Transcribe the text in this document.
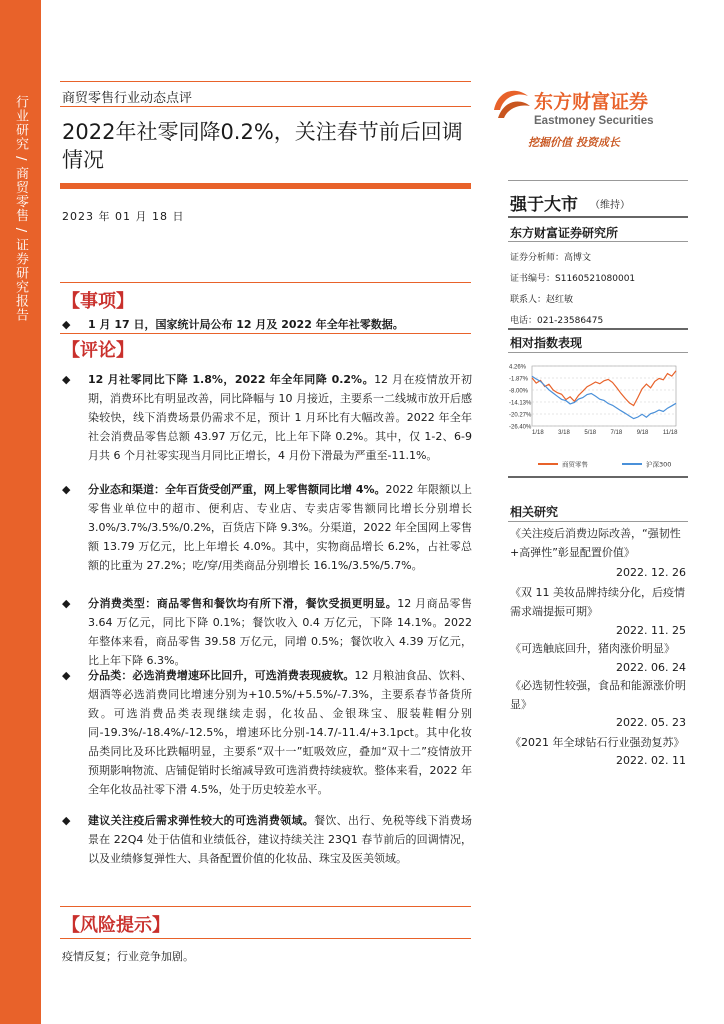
行业研究 / 商贸零售 / 证券研究报告	东方财富证券
Eastmoney Securities
挖掘价值 投资成长
商贸零售行业动态点评
2022年社零同降0.2%，关注春节前后回调情况
2023 年 01 月 18 日
【事项】
◆ 1 月 17 日，国家统计局公布 12 月及 2022 年全年社零数据。
【评论】
◆ 12 月社零同比下降 1.8%，2022 年全年同降 0.2%。12 月在疫情放开初期，消费环比有明显改善，同比降幅与 10 月接近，主要系一二线城市放开后感染较快，线下消费场景仍需求不足，预计 1 月环比有大幅改善。2022 年全年社会消费品零售总额 43.97 万亿元，比上年下降 0.2%。其中，仅 1-2、6-9 月共 6 个月社零实现当月同比正增长，4 月份下滑最为严重至-11.1%。
◆ 分业态和渠道：全年百货受创严重，网上零售额同比增 4%。2022 年限额以上零售业单位中的超市、便利店、专业店、专卖店零售额同比增长分别增长 3.0%/3.7%/3.5%/0.2%，百货店下降 9.3%。分渠道，2022 年全国网上零售额 13.79 万亿元，比上年增长 4.0%。其中，实物商品增长 6.2%，占社零总额的比重为 27.2%；吃/穿/用类商品分别增长 16.1%/3.5%/5.7%。
◆ 分消费类型：商品零售和餐饮均有所下滑，餐饮受损更明显。12 月商品零售 3.64 万亿元，同比下降 0.1%；餐饮收入 0.4 万亿元，下降 14.1%。2022 年整体来看，商品零售 39.58 万亿元，同增 0.5%；餐饮收入 4.39 万亿元，比上年下降 6.3%。
◆ 分品类：必选消费增速环比回升，可选消费表现疲软。12 月粮油食品、饮料、烟酒等必选消费同比增速分别为+10.5%/+5.5%/-7.3%，主要系春节备货所致。可选消费品类表现继续走弱，化妆品、金银珠宝、服装鞋帽分别同-19.3%/-18.4%/-12.5%，增速环比分别-14.7/-11.4/+3.1pct。其中化妆品类同比及环比跌幅明显，主要系“双十一”虹吸效应，叠加“双十二”疫情放开预期影响物流、店铺促销时长缩减导致可选消费持续疲软。整体来看，2022 年全年化妆品社零下滑 4.5%，处于历史较差水平。
◆ 建议关注疫后需求弹性较大的可选消费领域。餐饮、出行、免税等线下消费场景在 22Q4 处于估值和业绩低谷，建议持续关注 23Q1 春节前后的回调情况，以及业绩修复弹性大、具备配置价值的化妆品、珠宝及医美领域。
【风险提示】
疫情反复；行业竞争加剧。
强于大市 （维持）
东方财富证券研究所
证券分析师：高博文
证书编号：S1160521080001
联系人：赵红敏
电话：021-23586475
相对指数表现
4.26%
-1.87%
-8.00%
-14.13%
-20.27%
-26.40%
1/18 3/18 5/18 7/18 9/18 11/18
商贸零售	沪深300
相关研究
《关注疫后消费边际改善，“强韧性+高弹性”彰显配置价值》
2022. 12. 26
《双 11 美妆品牌持续分化，后疫情需求端提振可期》
2022. 11. 25
《可选触底回升，猪肉涨价明显》
2022. 06. 24
《必选韧性较强，食品和能源涨价明显》
2022. 05. 23
《2021 年全球钻石行业强劲复苏》
2022. 02. 11
